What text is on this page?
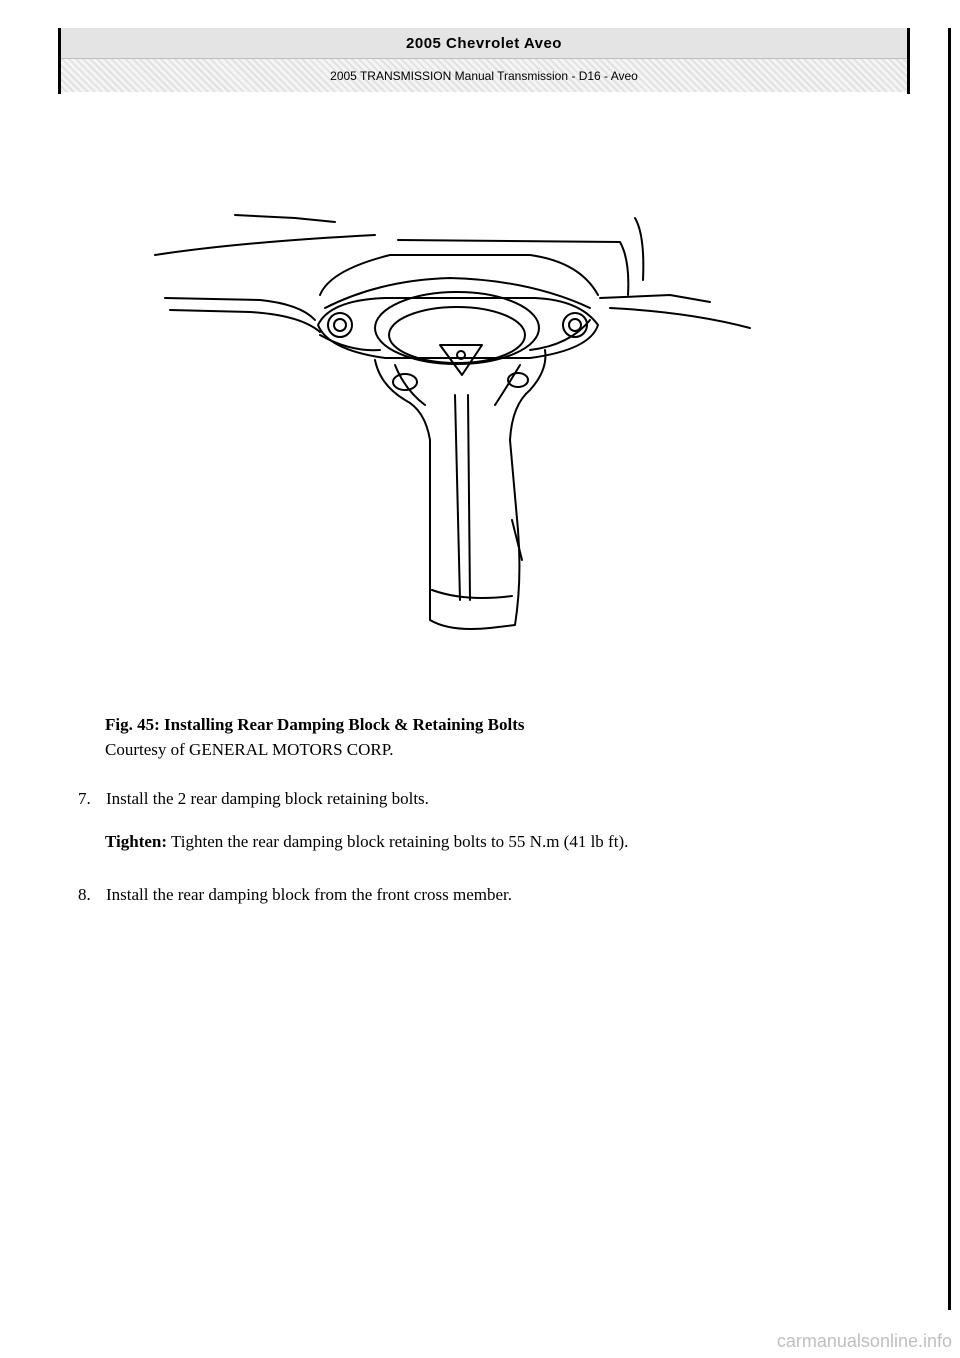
2005 Chevrolet Aveo
2005 TRANSMISSION Manual Transmission - D16 - Aveo
Fig. 45: Installing Rear Damping Block & Retaining Bolts
Courtesy of GENERAL MOTORS CORP.
7. Install the 2 rear damping block retaining bolts.
Tighten: Tighten the rear damping block retaining bolts to 55 N.m (41 lb ft).
8. Install the rear damping block from the front cross member.
carmanualsonline.info
